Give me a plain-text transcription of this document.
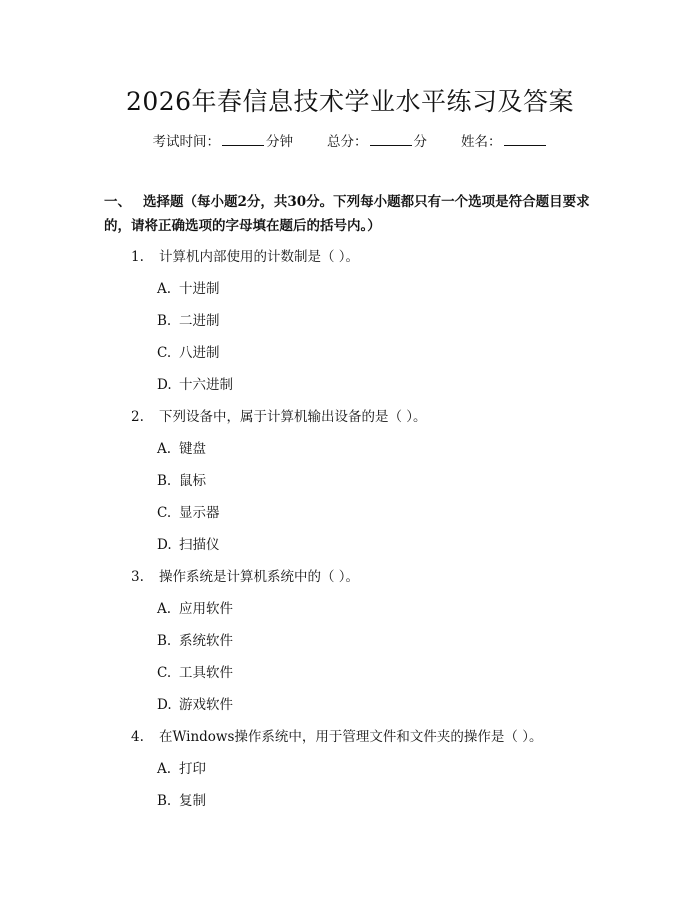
2026年春信息技术学业水平练习及答案
考试时间：	分钟	总分：	分	姓名：
一、 选择题（每小题2分，共30分。下列每小题都只有一个选项是符合题目要求的，请将正确选项的字母填在题后的括号内。）
1. 计算机内部使用的计数制是（ ）。
A. 十进制
B. 二进制
C. 八进制
D. 十六进制
2. 下列设备中，属于计算机输出设备的是（ ）。
A. 键盘
B. 鼠标
C. 显示器
D. 扫描仪
3. 操作系统是计算机系统中的（ ）。
A. 应用软件
B. 系统软件
C. 工具软件
D. 游戏软件
4. 在Windows操作系统中，用于管理文件和文件夹的操作是（ ）。
A. 打印
B. 复制
